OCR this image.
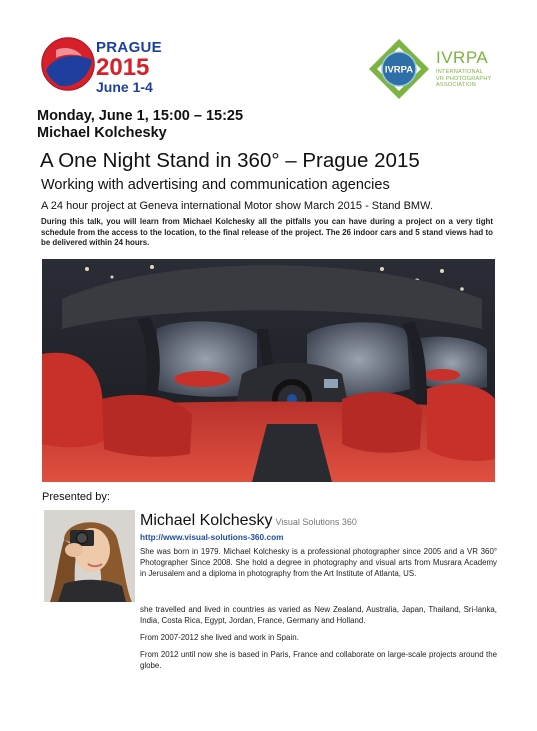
PRAGUE
2015
June 1-4
IVRPA
IVRPA
INTERNATIONAL
VR PHOTOGRAPHY
ASSOCIATION
Monday, June 1, 15:00 – 15:25
Michael Kolchesky
A One Night Stand in 360° – Prague 2015
Working with advertising and communication agencies
A 24 hour project at Geneva international Motor show March 2015 - Stand BMW.
During this talk, you will learn from Michael Kolchesky all the pitfalls you can have during a project on a very tight schedule from the access to the location, to the final release of the project. The 26 indoor cars and 5 stand views had to be delivered within 24 hours.
Presented by:
Michael Kolchesky Visual Solutions 360
http://www.visual-solutions-360.com
She was born in 1979. Michael Kolchesky is a professional photographer since 2005 and a VR 360° Photographer Since 2008. She hold a degree in photography and visual arts from Musrara Academy in Jerusalem and a diploma in photography from the Art Institute of Atlanta, US.
she travelled and lived in countries as varied as New Zealand, Australia, Japan, Thailand, Sri-lanka, India, Costa Rica, Egypt, Jordan, France, Germany and Holland.
From 2007-2012 she lived and work in Spain.
From 2012 until now she is based in Paris, France and collaborate on large-scale projects around the globe.
